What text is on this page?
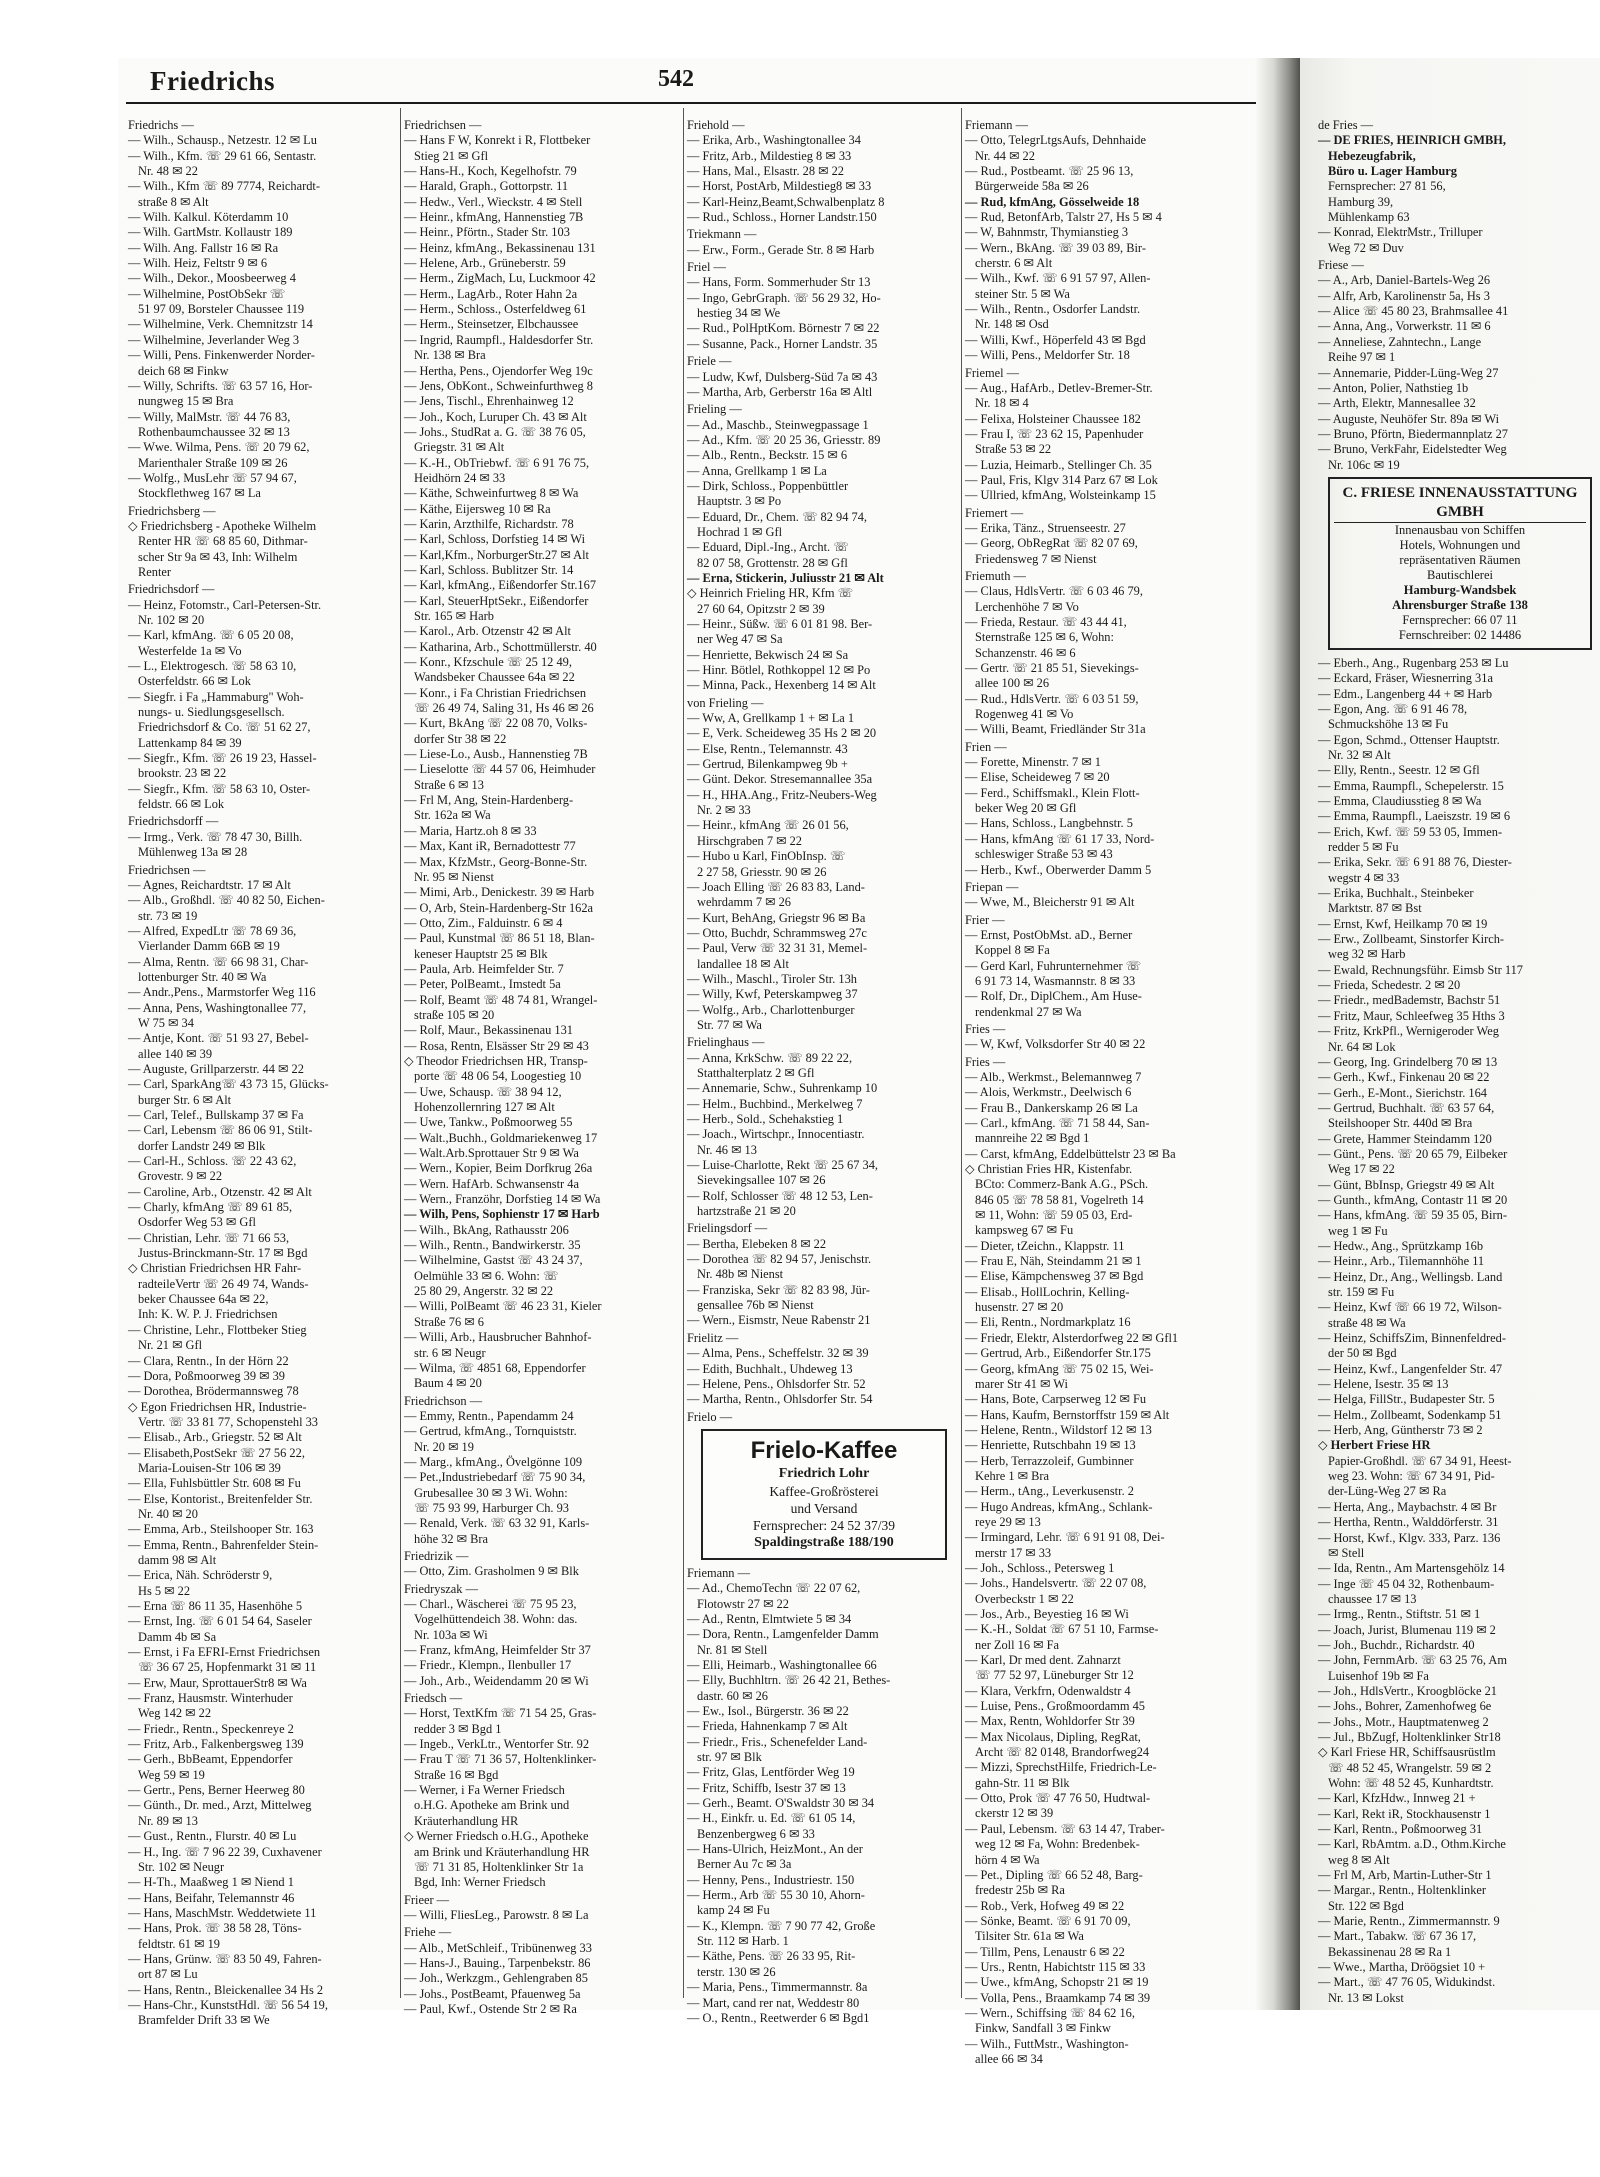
Friedrichs	542
Friedrichs —
— Wilh., Schausp., Netzestr. 12 ✉ Lu
— Wilh., Kfm. ☏ 29 61 66, Sentastr.
Nr. 48 ✉ 22
— Wilh., Kfm ☏ 89 7774, Reichardt-
straße 8 ✉ Alt
— Wilh. Kalkul. Köterdamm 10
— Wilh. GartMstr. Kollaustr 189
— Wilh. Ang. Fallstr 16 ✉ Ra
— Wilh. Heiz, Feltstr 9 ✉ 6
— Wilh., Dekor., Moosbeerweg 4
— Wilhelmine, PostObSekr ☏
51 97 09, Borsteler Chaussee 119
— Wilhelmine, Verk. Chemnitzstr 14
— Wilhelmine, Jeverlander Weg 3
— Willi, Pens. Finkenwerder Norder-
deich 68 ✉ Finkw
— Willy, Schrifts. ☏ 63 57 16, Hor-
nungweg 15 ✉ Bra
— Willy, MalMstr. ☏ 44 76 83,
Rothenbaumchaussee 32 ✉ 13
— Wwe. Wilma, Pens. ☏ 20 79 62,
Marienthaler Straße 109 ✉ 26
— Wolfg., MusLehr ☏ 57 94 67,
Stockflethweg 167 ✉ La
Friedrichsberg —
◇ Friedrichsberg - Apotheke Wilhelm
Renter HR ☏ 68 85 60, Dithmar-
scher Str 9a ✉ 43, Inh: Wilhelm
Renter
Friedrichsdorf —
— Heinz, Fotomstr., Carl-Petersen-Str.
Nr. 102 ✉ 20
— Karl, kfmAng. ☏ 6 05 20 08,
Westerfelde 1a ✉ Vo
— L., Elektrogesch. ☏ 58 63 10,
Osterfeldstr. 66 ✉ Lok
— Siegfr. i Fa „Hammaburg" Woh-
nungs- u. Siedlungsgesellsch.
Friedrichsdorf & Co. ☏ 51 62 27,
Lattenkamp 84 ✉ 39
— Siegfr., Kfm. ☏ 26 19 23, Hassel-
brookstr. 23 ✉ 22
— Siegfr., Kfm. ☏ 58 63 10, Oster-
feldstr. 66 ✉ Lok
Friedrichsdorff —
— Irmg., Verk. ☏ 78 47 30, Billh.
Mühlenweg 13a ✉ 28
Friedrichsen —
— Agnes, Reichardtstr. 17 ✉ Alt
— Alb., Großhdl. ☏ 40 82 50, Eichen-
str. 73 ✉ 19
— Alfred, ExpedLtr ☏ 78 69 36,
Vierlander Damm 66B ✉ 19
— Alma, Rentn. ☏ 66 98 31, Char-
lottenburger Str. 40 ✉ Wa
— Andr.,Pens., Marmstorfer Weg 116
— Anna, Pens, Washingtonallee 77,
W 75 ✉ 34
— Antje, Kont. ☏ 51 93 27, Bebel-
allee 140 ✉ 39
— Auguste, Grillparzerstr. 44 ✉ 22
— Carl, SparkAng☏ 43 73 15, Glücks-
burger Str. 6 ✉ Alt
— Carl, Telef., Bullskamp 37 ✉ Fa
— Carl, Lebensm ☏ 86 06 91, Stilt-
dorfer Landstr 249 ✉ Blk
— Carl-H., Schloss. ☏ 22 43 62,
Grovestr. 9 ✉ 22
— Caroline, Arb., Otzenstr. 42 ✉ Alt
— Charly, kfmAng ☏ 89 61 85,
Osdorfer Weg 53 ✉ Gfl
— Christian, Lehr. ☏ 71 66 53,
Justus-Brinckmann-Str. 17 ✉ Bgd
◇ Christian Friedrichsen HR Fahr-
radteileVertr ☏ 26 49 74, Wands-
beker Chaussee 64a ✉ 22,
Inh: K. W. P. J. Friedrichsen
— Christine, Lehr., Flottbeker Stieg
Nr. 21 ✉ Gfl
— Clara, Rentn., In der Hörn 22
— Dora, Poßmoorweg 39 ✉ 39
— Dorothea, Brödermannsweg 78
◇ Egon Friedrichsen HR, Industrie-
Vertr. ☏ 33 81 77, Schopenstehl 33
— Elisab., Arb., Griegstr. 52 ✉ Alt
— Elisabeth,PostSekr ☏ 27 56 22,
Maria-Louisen-Str 106 ✉ 39
— Ella, Fuhlsbüttler Str. 608 ✉ Fu
— Else, Kontorist., Breitenfelder Str.
Nr. 40 ✉ 20
— Emma, Arb., Steilshooper Str. 163
— Emma, Rentn., Bahrenfelder Stein-
damm 98 ✉ Alt
— Erica, Näh. Schröderstr 9,
Hs 5 ✉ 22
— Erna ☏ 86 11 35, Hasenhöhe 5
— Ernst, Ing. ☏ 6 01 54 64, Saseler
Damm 4b ✉ Sa
— Ernst, i Fa EFRI-Ernst Friedrichsen
☏ 36 67 25, Hopfenmarkt 31 ✉ 11
— Erw, Maur, SprottauerStr8 ✉ Wa
— Franz, Hausmstr. Winterhuder
Weg 142 ✉ 22
— Friedr., Rentn., Speckenreye 2
— Fritz, Arb., Falkenbergsweg 139
— Gerh., BbBeamt, Eppendorfer
Weg 59 ✉ 19
— Gertr., Pens, Berner Heerweg 80
— Günth., Dr. med., Arzt, Mittelweg
Nr. 89 ✉ 13
— Gust., Rentn., Flurstr. 40 ✉ Lu
— H., Ing. ☏ 7 96 22 39, Cuxhavener
Str. 102 ✉ Neugr
— H-Th., Maaßweg 1 ✉ Niend 1
— Hans, Beifahr, Telemannstr 46
— Hans, MaschMstr. Weddetwiete 11
— Hans, Prok. ☏ 38 58 28, Töns-
feldtstr. 61 ✉ 19
— Hans, Grünw. ☏ 83 50 49, Fahren-
ort 87 ✉ Lu
— Hans, Rentn., Bleickenallee 34 Hs 2
— Hans-Chr., KunststHdl. ☏ 56 54 19,
Bramfelder Drift 33 ✉ We
Friedrichsen —
— Hans F W, Konrekt i R, Flottbeker
Stieg 21 ✉ Gfl
— Hans-H., Koch, Kegelhofstr. 79
— Harald, Graph., Gottorpstr. 11
— Hedw., Verl., Wieckstr. 4 ✉ Stell
— Heinr., kfmAng, Hannenstieg 7B
— Heinr., Pförtn., Stader Str. 103
— Heinz, kfmAng., Bekassinenau 131
— Helene, Arb., Grüneberstr. 59
— Herm., ZigMach, Lu, Luckmoor 42
— Herm., LagArb., Roter Hahn 2a
— Herm., Schloss., Osterfeldweg 61
— Herm., Steinsetzer, Elbchaussee
— Ingrid, Raumpfl., Haldesdorfer Str.
Nr. 138 ✉ Bra
— Hertha, Pens., Ojendorfer Weg 19c
— Jens, ObKont., Schweinfurthweg 8
— Jens, Tischl., Ehrenhainweg 12
— Joh., Koch, Luruper Ch. 43 ✉ Alt
— Johs., StudRat a. G. ☏ 38 76 05,
Griegstr. 31 ✉ Alt
— K.-H., ObTriebwf. ☏ 6 91 76 75,
Heidhörn 24 ✉ 33
— Käthe, Schweinfurtweg 8 ✉ Wa
— Käthe, Eijersweg 10 ✉ Ra
— Karin, Arzthilfe, Richardstr. 78
— Karl, Schloss, Dorfstieg 14 ✉ Wi
— Karl,Kfm., NorburgerStr.27 ✉ Alt
— Karl, Schloss. Bublitzer Str. 14
— Karl, kfmAng., Eißendorfer Str.167
— Karl, SteuerHptSekr., Eißendorfer
Str. 165 ✉ Harb
— Karol., Arb. Otzenstr 42 ✉ Alt
— Katharina, Arb., Schottmüllerstr. 40
— Konr., Kfzschule ☏ 25 12 49,
Wandsbeker Chaussee 64a ✉ 22
— Konr., i Fa Christian Friedrichsen
☏ 26 49 74, Saling 31, Hs 46 ✉ 26
— Kurt, BkAng ☏ 22 08 70, Volks-
dorfer Str 38 ✉ 22
— Liese-Lo., Ausb., Hannenstieg 7B
— Lieselotte ☏ 44 57 06, Heimhuder
Straße 6 ✉ 13
— Frl M, Ang, Stein-Hardenberg-
Str. 162a ✉ Wa
— Maria, Hartz.oh 8 ✉ 33
— Max, Kant iR, Bernadottestr 77
— Max, KfzMstr., Georg-Bonne-Str.
Nr. 95 ✉ Nienst
— Mimi, Arb., Denickestr. 39 ✉ Harb
— O, Arb, Stein-Hardenberg-Str 162a
— Otto, Zim., Falduinstr. 6 ✉ 4
— Paul, Kunstmal ☏ 86 51 18, Blan-
keneser Hauptstr 25 ✉ Blk
— Paula, Arb. Heimfelder Str. 7
— Peter, PolBeamt., Imstedt 5a
— Rolf, Beamt ☏ 48 74 81, Wrangel-
straße 105 ✉ 20
— Rolf, Maur., Bekassinenau 131
— Rosa, Rentn, Elsässer Str 29 ✉ 43
◇ Theodor Friedrichsen HR, Transp-
porte ☏ 48 06 54, Loogestieg 10
— Uwe, Schausp. ☏ 38 94 12,
Hohenzollernring 127 ✉ Alt
— Uwe, Tankw., Poßmoorweg 55
— Walt.,Buchh., Goldmariekenweg 17
— Walt.Arb.Sprottauer Str 9 ✉ Wa
— Wern., Kopier, Beim Dorfkrug 26a
— Wern. HafArb. Schwansenstr 4a
— Wern., Franzöhr, Dorfstieg 14 ✉ Wa
— Wilh, Pens, Sophienstr 17 ✉ Harb
— Wilh., BkAng, Rathausstr 206
— Wilh., Rentn., Bandwirkerstr. 35
— Wilhelmine, Gastst ☏ 43 24 37,
Oelmühle 33 ✉ 6. Wohn: ☏
25 80 29, Angerstr. 32 ✉ 22
— Willi, PolBeamt ☏ 46 23 31, Kieler
Straße 76 ✉ 6
— Willi, Arb., Hausbrucher Bahnhof-
str. 6 ✉ Neugr
— Wilma, ☏ 4851 68, Eppendorfer
Baum 4 ✉ 20
Friedrichson —
— Emmy, Rentn., Papendamm 24
— Gertrud, kfmAng., Tornquiststr.
Nr. 20 ✉ 19
— Marg., kfmAng., Övelgönne 109
— Pet.,Industriebedarf ☏ 75 90 34,
Grubesallee 30 ✉ 3 Wi. Wohn:
☏ 75 93 99, Harburger Ch. 93
— Renald, Verk. ☏ 63 32 91, Karls-
höhe 32 ✉ Bra
Friedrizik —
— Otto, Zim. Grasholmen 9 ✉ Blk
Friedryszak —
— Charl., Wäscherei ☏ 75 95 23,
Vogelhüttendeich 38. Wohn: das.
Nr. 103a ✉ Wi
— Franz, kfmAng, Heimfelder Str 37
— Friedr., Klempn., Ilenbuller 17
— Joh., Arb., Weidendamm 20 ✉ Wi
Friedsch —
— Horst, TextKfm ☏ 71 54 25, Gras-
redder 3 ✉ Bgd 1
— Ingeb., VerkLtr., Wentorfer Str. 92
— Frau T ☏ 71 36 57, Holtenklinker-
Straße 16 ✉ Bgd
— Werner, i Fa Werner Friedsch
o.H.G. Apotheke am Brink und
Kräuterhandlung HR
◇ Werner Friedsch o.H.G., Apotheke
am Brink und Kräuterhandlung HR
☏ 71 31 85, Holtenklinker Str 1a
Bgd, Inh: Werner Friedsch
Frieer —
— Willi, FliesLeg., Parowstr. 8 ✉ La
Friehe —
— Alb., MetSchleif., Tribünenweg 33
— Hans-J., Bauing., Tarpenbekstr. 86
— Joh., Werkzgm., Gehlengraben 85
— Johs., PostBeamt, Pfauenweg 5a
— Paul, Kwf., Ostende Str 2 ✉ Ra
Friehold —
— Erika, Arb., Washingtonallee 34
— Fritz, Arb., Mildestieg 8 ✉ 33
— Hans, Mal., Elsastr. 28 ✉ 22
— Horst, PostArb, Mildestieg8 ✉ 33
— Karl-Heinz,Beamt,Schwalbenplatz 8
— Rud., Schloss., Horner Landstr.150
Triekmann —
— Erw., Form., Gerade Str. 8 ✉ Harb
Friel —
— Hans, Form. Sommerhuder Str 13
— Ingo, GebrGraph. ☏ 56 29 32, Ho-
hestieg 34 ✉ We
— Rud., PolHptKom. Börnestr 7 ✉ 22
— Susanne, Pack., Horner Landstr. 35
Friele —
— Ludw, Kwf, Dulsberg-Süd 7a ✉ 43
— Martha, Arb, Gerberstr 16a ✉ Altl
Frieling —
— Ad., Maschb., Steinwegpassage 1
— Ad., Kfm. ☏ 20 25 36, Griesstr. 89
— Alb., Rentn., Beckstr. 15 ✉ 6
— Anna, Grellkamp 1 ✉ La
— Dirk, Schloss., Poppenbüttler
Hauptstr. 3 ✉ Po
— Eduard, Dr., Chem. ☏ 82 94 74,
Hochrad 1 ✉ Gfl
— Eduard, Dipl.-Ing., Archt. ☏
82 07 58, Grottenstr. 28 ✉ Gfl
— Erna, Stickerin, Juliusstr 21 ✉ Alt
◇ Heinrich Frieling HR, Kfm ☏
27 60 64, Opitzstr 2 ✉ 39
— Heinr., Süßw. ☏ 6 01 81 98. Ber-
ner Weg 47 ✉ Sa
— Henriette, Bekwisch 24 ✉ Sa
— Hinr. Bötlel, Rothkoppel 12 ✉ Po
— Minna, Pack., Hexenberg 14 ✉ Alt
von Frieling —
— Ww, A, Grellkamp 1 + ✉ La 1
— E, Verk. Scheideweg 35 Hs 2 ✉ 20
— Else, Rentn., Telemannstr. 43
— Gertrud, Bilenkampweg 9b +
— Günt. Dekor. Stresemannallee 35a
— H., HHA.Ang., Fritz-Neubers-Weg
Nr. 2 ✉ 33
— Heinr., kfmAng ☏ 26 01 56,
Hirschgraben 7 ✉ 22
— Hubo u Karl, FinObInsp. ☏
2 27 58, Griesstr. 90 ✉ 26
— Joach Elling ☏ 26 83 83, Land-
wehrdamm 7 ✉ 26
— Kurt, BehAng, Griegstr 96 ✉ Ba
— Otto, Buchdr, Schrammsweg 27c
— Paul, Verw ☏ 32 31 31, Memel-
landallee 18 ✉ Alt
— Wilh., Maschl., Tiroler Str. 13h
— Willy, Kwf, Peterskampweg 37
— Wolfg., Arb., Charlottenburger
Str. 77 ✉ Wa
Frielinghaus —
— Anna, KrkSchw. ☏ 89 22 22,
Statthalterplatz 2 ✉ Gfl
— Annemarie, Schw., Suhrenkamp 10
— Helm., Buchbind., Merkelweg 7
— Herb., Sold., Schehakstieg 1
— Joach., Wirtschpr., Innocentiastr.
Nr. 46 ✉ 13
— Luise-Charlotte, Rekt ☏ 25 67 34,
Sievekingsallee 107 ✉ 26
— Rolf, Schlosser ☏ 48 12 53, Len-
hartzstraße 21 ✉ 20
Frielingsdorf —
— Bertha, Elebeken 8 ✉ 22
— Dorothea ☏ 82 94 57, Jenischstr.
Nr. 48b ✉ Nienst
— Franziska, Sekr ☏ 82 83 98, Jür-
gensallee 76b ✉ Nienst
— Wern., Eismstr, Neue Rabenstr 21
Frielitz —
— Alma, Pens., Scheffelstr. 32 ✉ 39
— Edith, Buchhalt., Uhdeweg 13
— Helene, Pens., Ohlsdorfer Str. 52
— Martha, Rentn., Ohlsdorfer Str. 54
Frielo —
Frielo-Kaffee
Friedrich Lohr
Kaffee-Großrösterei
und Versand
Fernsprecher: 24 52 37/39
Spaldingstraße 188/190
Friemann —
— Ad., ChemoTechn ☏ 22 07 62,
Flotowstr 27 ✉ 22
— Ad., Rentn, Elmtwiete 5 ✉ 34
— Dora, Rentn., Lamgenfelder Damm
Nr. 81 ✉ Stell
— Elli, Heimarb., Washingtonallee 66
— Elly, Buchhltrn. ☏ 26 42 21, Bethes-
dastr. 60 ✉ 26
— Ew., Isol., Bürgerstr. 36 ✉ 22
— Frieda, Hahnenkamp 7 ✉ Alt
— Friedr., Fris., Schenefelder Land-
str. 97 ✉ Blk
— Fritz, Glas, Lentförder Weg 19
— Fritz, Schiffb, Isestr 37 ✉ 13
— Gerh., Beamt. O'Swaldstr 30 ✉ 34
— H., Einkfr. u. Ed. ☏ 61 05 14,
Benzenbergweg 6 ✉ 33
— Hans-Ulrich, HeizMont., An der
Berner Au 7c ✉ 3a
— Henny, Pens., Industriestr. 150
— Herm., Arb ☏ 55 30 10, Ahorn-
kamp 24 ✉ Fu
— K., Klempn. ☏ 7 90 77 42, Große
Str. 112 ✉ Harb. 1
— Käthe, Pens. ☏ 26 33 95, Rit-
terstr. 130 ✉ 26
— Maria, Pens., Timmermannstr. 8a
— Mart, cand rer nat, Weddestr 80
— O., Rentn., Reetwerder 6 ✉ Bgd1
Friemann —
— Otto, TelegrLtgsAufs, Dehnhaide
Nr. 44 ✉ 22
— Rud., Postbeamt. ☏ 25 96 13,
Bürgerweide 58a ✉ 26
— Rud, kfmAng, Gösselweide 18
— Rud, BetonfArb, Talstr 27, Hs 5 ✉ 4
— W, Bahnmstr, Thymianstieg 3
— Wern., BkAng. ☏ 39 03 89, Bir-
cherstr. 6 ✉ Alt
— Wilh., Kwf. ☏ 6 91 57 97, Allen-
steiner Str. 5 ✉ Wa
— Wilh., Rentn., Osdorfer Landstr.
Nr. 148 ✉ Osd
— Willi, Kwf., Höperfeld 43 ✉ Bgd
— Willi, Pens., Meldorfer Str. 18
Friemel —
— Aug., HafArb., Detlev-Bremer-Str.
Nr. 18 ✉ 4
— Felixa, Holsteiner Chaussee 182
— Frau I, ☏ 23 62 15, Papenhuder
Straße 53 ✉ 22
— Luzia, Heimarb., Stellinger Ch. 35
— Paul, Fris, Klgv 314 Parz 67 ✉ Lok
— Ullried, kfmAng, Wolsteinkamp 15
Friemert —
— Erika, Tänz., Struenseestr. 27
— Georg, ObRegRat ☏ 82 07 69,
Friedensweg 7 ✉ Nienst
Friemuth —
— Claus, HdlsVertr. ☏ 6 03 46 79,
Lerchenhöhe 7 ✉ Vo
— Frieda, Restaur. ☏ 43 44 41,
Sternstraße 125 ✉ 6, Wohn:
Schanzenstr. 46 ✉ 6
— Gertr. ☏ 21 85 51, Sievekings-
allee 100 ✉ 26
— Rud., HdlsVertr. ☏ 6 03 51 59,
Rogenweg 41 ✉ Vo
— Willi, Beamt, Friedländer Str 31a
Frien —
— Forette, Minenstr. 7 ✉ 1
— Elise, Scheideweg 7 ✉ 20
— Ferd., Schiffsmakl., Klein Flott-
beker Weg 20 ✉ Gfl
— Hans, Schloss., Langbehnstr. 5
— Hans, kfmAng ☏ 61 17 33, Nord-
schleswiger Straße 53 ✉ 43
— Herb., Kwf., Oberwerder Damm 5
Friepan —
— Wwe, M., Bleicherstr 91 ✉ Alt
Frier —
— Ernst, PostObMst. aD., Berner
Koppel 8 ✉ Fa
— Gerd Karl, Fuhrunternehmer ☏
6 91 73 14, Wasmannstr. 8 ✉ 33
— Rolf, Dr., DiplChem., Am Huse-
rendenkmal 27 ✉ Wa
Fries —
— W, Kwf, Volksdorfer Str 40 ✉ 22
Fries —
— Alb., Werkmst., Belemannweg 7
— Alois, Werkmstr., Deelwisch 6
— Frau B., Dankerskamp 26 ✉ La
— Carl., kfmAng. ☏ 71 58 44, San-
mannreihe 22 ✉ Bgd 1
— Carst, kfmAng, Eddelbüttelstr 23 ✉ Ba
◇ Christian Fries HR, Kistenfabr.
BCto: Commerz-Bank A.G., PSch.
846 05 ☏ 78 58 81, Vogelreth 14
✉ 11, Wohn: ☏ 59 05 03, Erd-
kampsweg 67 ✉ Fu
— Dieter, tZeichn., Klappstr. 11
— Frau E, Näh, Steindamm 21 ✉ 1
— Elise, Kämpchensweg 37 ✉ Bgd
— Elisab., HollLochrin, Kelling-
husenstr. 27 ✉ 20
— Eli, Rentn., Nordmarkplatz 16
— Friedr, Elektr, Alsterdorfweg 22 ✉ Gfl1
— Gertrud, Arb., Eißendorfer Str.175
— Georg, kfmAng ☏ 75 02 15, Wei-
marer Str 41 ✉ Wi
— Hans, Bote, Carpserweg 12 ✉ Fu
— Hans, Kaufm, Bernstorffstr 159 ✉ Alt
— Helene, Rentn., Wildstorf 12 ✉ 13
— Henriette, Rutschbahn 19 ✉ 13
— Herb, Terrazzoleif, Gumbinner
Kehre 1 ✉ Bra
— Herm., tAng., Leverkusenstr. 2
— Hugo Andreas, kfmAng., Schlank-
reye 29 ✉ 13
— Irmingard, Lehr. ☏ 6 91 91 08, Dei-
merstr 17 ✉ 33
— Joh., Schloss., Petersweg 1
— Johs., Handelsvertr. ☏ 22 07 08,
Overbeckstr 1 ✉ 22
— Jos., Arb., Beyestieg 16 ✉ Wi
— K.-H., Soldat ☏ 67 51 10, Farmse-
ner Zoll 16 ✉ Fa
— Karl, Dr med dent. Zahnarzt
☏ 77 52 97, Lüneburger Str 12
— Klara, Verkfrn, Odenwaldstr 4
— Luise, Pens., Großmoordamm 45
— Max, Rentn, Wohldorfer Str 39
— Max Nicolaus, Dipling, RegRat,
Archt ☏ 82 0148, Brandorfweg24
— Mizzi, SprechstHilfe, Friedrich-Le-
gahn-Str. 11 ✉ Blk
— Otto, Prok ☏ 47 76 50, Hudtwal-
ckerstr 12 ✉ 39
— Paul, Lebensm. ☏ 63 14 47, Traber-
weg 12 ✉ Fa, Wohn: Bredenbek-
hörn 4 ✉ Wa
— Pet., Dipling ☏ 66 52 48, Barg-
fredestr 25b ✉ Ra
— Rob., Verk, Hofweg 49 ✉ 22
— Sönke, Beamt. ☏ 6 91 70 09,
Tilsiter Str. 61a ✉ Wa
— Tillm, Pens, Lenaustr 6 ✉ 22
— Urs., Rentn, Habichtstr 115 ✉ 33
— Uwe., kfmAng, Schopstr 21 ✉ 19
— Volla, Pens., Braamkamp 74 ✉ 39
— Wern., Schiffsing ☏ 84 62 16,
Finkw, Sandfall 3 ✉ Finkw
— Wilh., FuttMstr., Washington-
allee 66 ✉ 34
de Fries —
— DE FRIES, HEINRICH GMBH,
Hebezeugfabrik,
Büro u. Lager Hamburg
Fernsprecher: 27 81 56,
Hamburg 39,
Mühlenkamp 63
— Konrad, ElektrMstr., Trilluper
Weg 72 ✉ Duv
Friese —
— A., Arb, Daniel-Bartels-Weg 26
— Alfr, Arb, Karolinenstr 5a, Hs 3
— Alice ☏ 45 80 23, Brahmsallee 41
— Anna, Ang., Vorwerkstr. 11 ✉ 6
— Anneliese, Zahntechn., Lange
Reihe 97 ✉ 1
— Annemarie, Pidder-Lüng-Weg 27
— Anton, Polier, Nathstieg 1b
— Arth, Elektr, Mannesallee 32
— Auguste, Neuhöfer Str. 89a ✉ Wi
— Bruno, Pförtn, Biedermannplatz 27
— Bruno, VerkFahr, Eidelstedter Weg
Nr. 106c ✉ 19
C. FRIESE INNENAUSSTATTUNG GMBH
Innenausbau von Schiffen
Hotels, Wohnungen und
repräsentativen Räumen
Bautischlerei
Hamburg-Wandsbek
Ahrensburger Straße 138
Fernsprecher: 66 07 11
Fernschreiber: 02 14486
— Eberh., Ang., Rugenbarg 253 ✉ Lu
— Eckard, Fräser, Wiesnerring 31a
— Edm., Langenberg 44 + ✉ Harb
— Egon, Ang. ☏ 6 91 46 78,
Schmuckshöhe 13 ✉ Fu
— Egon, Schmd., Ottenser Hauptstr.
Nr. 32 ✉ Alt
— Elly, Rentn., Seestr. 12 ✉ Gfl
— Emma, Raumpfl., Schepelerstr. 15
— Emma, Claudiusstieg 8 ✉ Wa
— Emma, Raumpfl., Laeiszstr. 19 ✉ 6
— Erich, Kwf. ☏ 59 53 05, Immen-
redder 5 ✉ Fu
— Erika, Sekr. ☏ 6 91 88 76, Diester-
wegstr 4 ✉ 33
— Erika, Buchhalt., Steinbeker
Marktstr. 87 ✉ Bst
— Ernst, Kwf, Heilkamp 70 ✉ 19
— Erw., Zollbeamt, Sinstorfer Kirch-
weg 32 ✉ Harb
— Ewald, Rechnungsführ. Eimsb Str 117
— Frieda, Schedestr. 2 ✉ 20
— Friedr., medBademstr, Bachstr 51
— Fritz, Maur, Schleefweg 35 Hths 3
— Fritz, KrkPfl., Wernigeroder Weg
Nr. 64 ✉ Lok
— Georg, Ing. Grindelberg 70 ✉ 13
— Gerh., Kwf., Finkenau 20 ✉ 22
— Gerh., E-Mont., Sierichstr. 164
— Gertrud, Buchhalt. ☏ 63 57 64,
Steilshooper Str. 440d ✉ Bra
— Grete, Hammer Steindamm 120
— Günt., Pens. ☏ 20 65 79, Eilbeker
Weg 17 ✉ 22
— Günt, BbInsp, Griegstr 49 ✉ Alt
— Gunth., kfmAng, Contastr 11 ✉ 20
— Hans, kfmAng. ☏ 59 35 05, Birn-
weg 1 ✉ Fu
— Hedw., Ang., Sprützkamp 16b
— Heinr., Arb., Tilemannhöhe 11
— Heinz, Dr., Ang., Wellingsb. Land
str. 159 ✉ Fu
— Heinz, Kwf ☏ 66 19 72, Wilson-
straße 48 ✉ Wa
— Heinz, SchiffsZim, Binnenfeldred-
der 50 ✉ Bgd
— Heinz, Kwf., Langenfelder Str. 47
— Helene, Isestr. 35 ✉ 13
— Helga, FillStr., Budapester Str. 5
— Helm., Zollbeamt, Sodenkamp 51
— Herb, Ang, Güntherstr 73 ✉ 2
◇ Herbert Friese HR
Papier-Großhdl. ☏ 67 34 91, Heest-
weg 23. Wohn: ☏ 67 34 91, Pid-
der-Lüng-Weg 27 ✉ Ra
— Herta, Ang., Maybachstr. 4 ✉ Br
— Hertha, Rentn., Walddörferstr. 31
— Horst, Kwf., Klgv. 333, Parz. 136
✉ Stell
— Ida, Rentn., Am Martensgehölz 14
— Inge ☏ 45 04 32, Rothenbaum-
chaussee 17 ✉ 13
— Irmg., Rentn., Stiftstr. 51 ✉ 1
— Joach, Jurist, Blumenau 119 ✉ 2
— Joh., Buchdr., Richardstr. 40
— John, FernmArb. ☏ 63 25 76, Am
Luisenhof 19b ✉ Fa
— Joh., HdlsVertr., Kroogblöcke 21
— Johs., Bohrer, Zamenhofweg 6e
— Johs., Motr., Hauptmatenweg 2
— Jul., BbZugf, Holtenklinker Str18
◇ Karl Friese HR, Schiffsausrüstlm
☏ 48 52 45, Wrangelstr. 59 ✉ 2
Wohn: ☏ 48 52 45, Kunhardtstr.
— Karl, KfzHdw., Innweg 21 +
— Karl, Rekt iR, Stockhausenstr 1
— Karl, Rentn., Poßmoorweg 31
— Karl, RbAmtm. a.D., Othm.Kirche
weg 8 ✉ Alt
— Frl M, Arb, Martin-Luther-Str 1
— Margar., Rentn., Holtenklinker
Str. 122 ✉ Bgd
— Marie, Rentn., Zimmermannstr. 9
— Mart., Tabakw. ☏ 67 36 17,
Bekassinenau 28 ✉ Ra 1
— Wwe., Martha, Dröögsiet 10 +
— Mart., ☏ 47 76 05, Widukindst.
Nr. 13 ✉ Lokst
